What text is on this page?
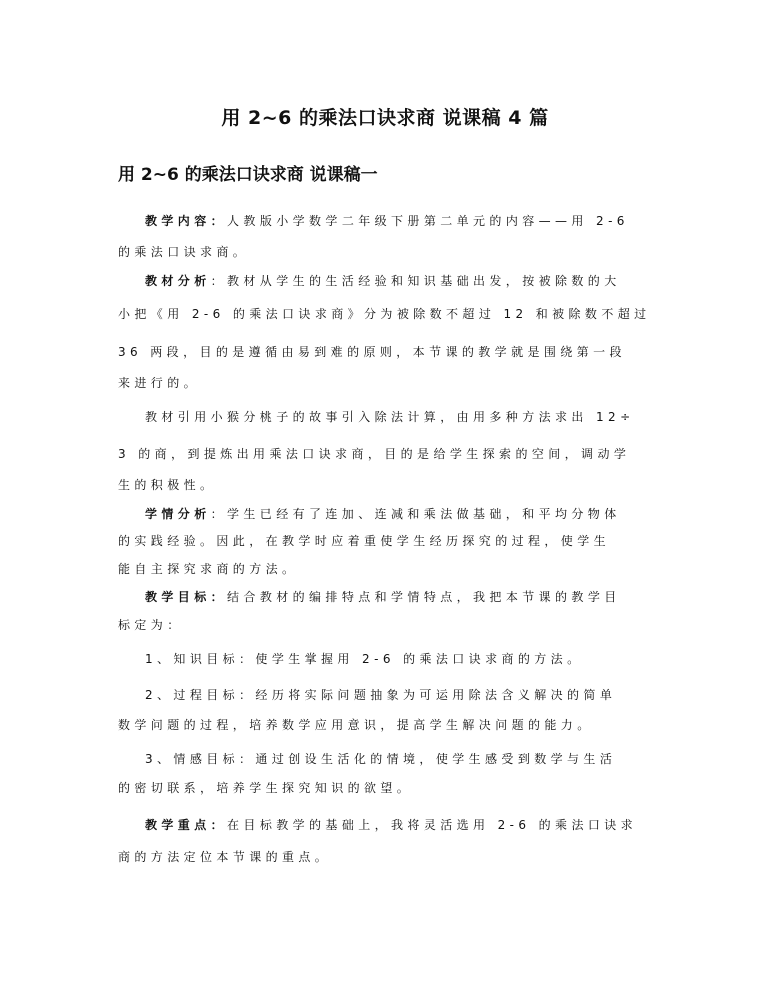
用 2~6 的乘法口诀求商 说课稿 4 篇
用 2~6 的乘法口诀求商 说课稿一
教学内容：人教版小学数学二年级下册第二单元的内容——用 2-6
的乘法口诀求商。
教材分析：教材从学生的生活经验和知识基础出发，按被除数的大
小把《用 2-6 的乘法口诀求商》分为被除数不超过 12 和被除数不超过
36 两段，目的是遵循由易到难的原则，本节课的教学就是围绕第一段
来进行的。
教材引用小猴分桃子的故事引入除法计算，由用多种方法求出 12÷
3 的商，到提炼出用乘法口诀求商，目的是给学生探索的空间，调动学
生的积极性。
学情分析：学生已经有了连加、连减和乘法做基础，和平均分物体
的实践经验。因此，在教学时应着重使学生经历探究的过程，使学生
能自主探究求商的方法。
教学目标：结合教材的编排特点和学情特点，我把本节课的教学目
标定为：
1、知识目标：使学生掌握用 2-6 的乘法口诀求商的方法。
2、过程目标：经历将实际问题抽象为可运用除法含义解决的简单
数学问题的过程，培养数学应用意识，提高学生解决问题的能力。
3、情感目标：通过创设生活化的情境，使学生感受到数学与生活
的密切联系，培养学生探究知识的欲望。
教学重点：在目标教学的基础上，我将灵活选用 2-6 的乘法口诀求
商的方法定位本节课的重点。
